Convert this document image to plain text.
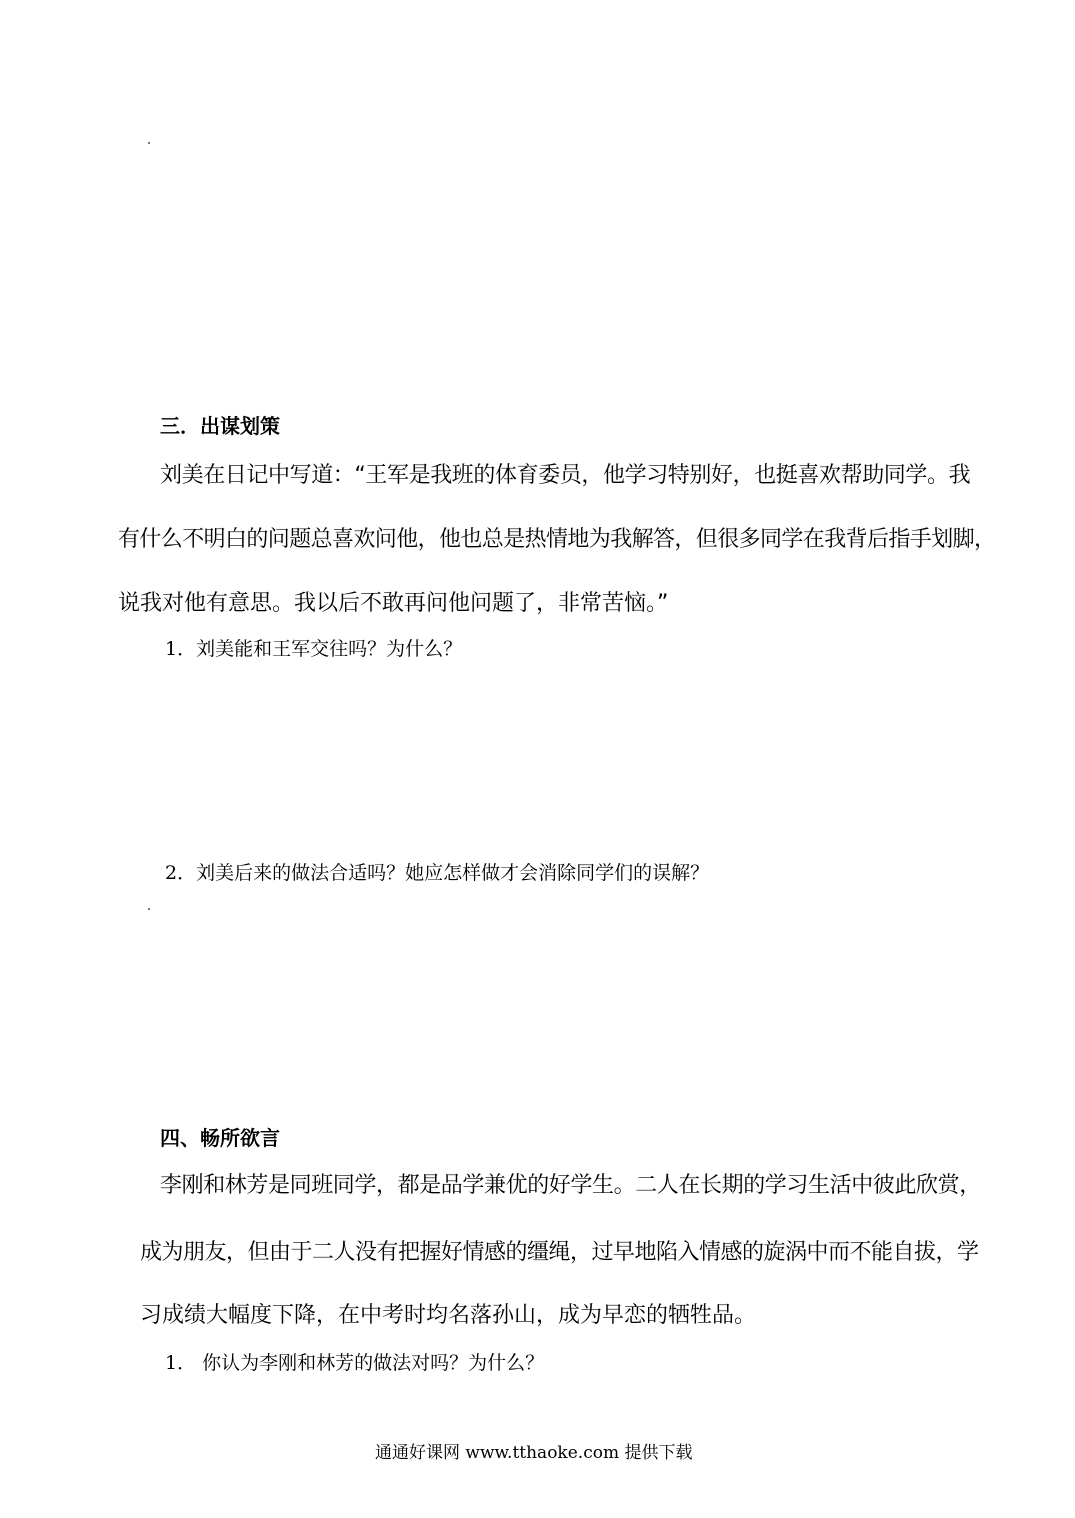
三．出谋划策
刘美在日记中写道：“王军是我班的体育委员，他学习特别好，也挺喜欢帮助同学。我
有什么不明白的问题总喜欢问他，他也总是热情地为我解答，但很多同学在我背后指手划脚，
说我对他有意思。我以后不敢再问他问题了，非常苦恼。”
1．刘美能和王军交往吗？为什么？
2．刘美后来的做法合适吗？她应怎样做才会消除同学们的误解？
四、畅所欲言
李刚和林芳是同班同学，都是品学兼优的好学生。二人在长期的学习生活中彼此欣赏，
成为朋友，但由于二人没有把握好情感的缰绳，过早地陷入情感的旋涡中而不能自拔，学
习成绩大幅度下降，在中考时均名落孙山，成为早恋的牺牲品。
1． 你认为李刚和林芳的做法对吗？为什么？
通通好课网 www.tthaoke.com 提供下载
